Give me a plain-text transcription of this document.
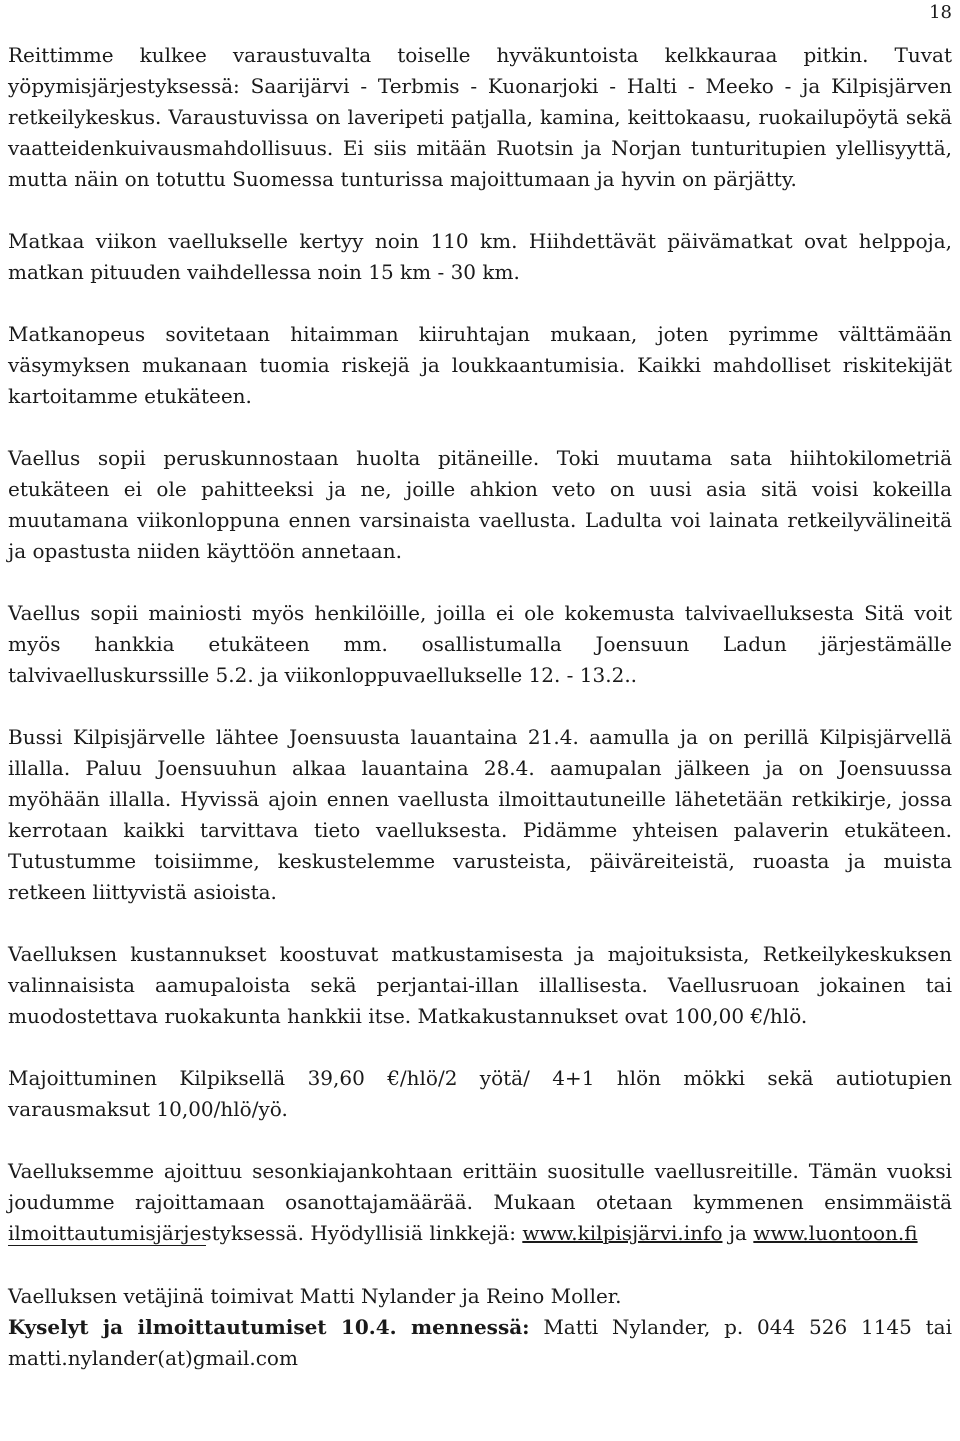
18

Reittimme kulkee varaustuvalta toiselle hyväkuntoista kelkkauraa pitkin. Tuvat yöpymisjärjestyksessä: Saarijärvi - Terbmis - Kuonarjoki - Halti - Meeko - ja Kilpisjärven retkeilykeskus. Varaustuvissa on laveripeti patjalla, kamina, keittokaasu, ruokailupöytä sekä vaatteidenkuivausmahdollisuus. Ei siis mitään Ruotsin ja Norjan tunturitupien ylellisyyttä, mutta näin on totuttu Suomessa tunturissa majoittumaan ja hyvin on pärjätty.

Matkaa viikon vaellukselle kertyy noin 110 km. Hiihdettävät päivämatkat ovat helppoja, matkan pituuden vaihdellessa noin 15 km - 30 km.

Matkanopeus sovitetaan hitaimman kiiruhtajan mukaan, joten pyrimme välttämään väsymyksen mukanaan tuomia riskejä ja loukkaantumisia. Kaikki mahdolliset riskitekijät kartoitamme etukäteen.

Vaellus sopii peruskunnostaan huolta pitäneille. Toki muutama sata hiihtokilometriä etukäteen ei ole pahitteeksi ja ne, joille ahkion veto on uusi asia sitä voisi kokeilla muutamana viikonloppuna ennen varsinaista vaellusta. Ladulta voi lainata retkeilyvälineitä ja opastusta niiden käyttöön annetaan.

Vaellus sopii mainiosti myös henkilöille, joilla ei ole kokemusta talvivaelluksesta Sitä voit myös hankkia etukäteen mm. osallistumalla Joensuun Ladun järjestämälle talvivaelluskurssille 5.2. ja viikonloppuvaellukselle 12. - 13.2..

Bussi Kilpisjärvelle lähtee Joensuusta lauantaina 21.4. aamulla ja on perillä Kilpisjärvellä illalla. Paluu Joensuuhun alkaa lauantaina 28.4. aamupalan jälkeen ja on Joensuussa myöhään illalla. Hyvissä ajoin ennen vaellusta ilmoittautuneille lähetetään retkikirje, jossa kerrotaan kaikki tarvittava tieto vaelluksesta. Pidämme yhteisen palaverin etukäteen. Tutustumme toisiimme, keskustelemme varusteista, päiväreiteistä, ruoasta ja muista retkeen liittyvistä asioista.

Vaelluksen kustannukset koostuvat matkustamisesta ja majoituksista, Retkeilykeskuksen valinnaisista aamupaloista sekä perjantai-illan illallisesta. Vaellusruoan jokainen tai muodostettava ruokakunta hankkii itse. Matkakustannukset ovat 100,00 €/hlö.

Majoittuminen Kilpiksellä 39,60 €/hlö/2 yötä/ 4+1 hlön mökki sekä autiotupien varausmaksut 10,00/hlö/yö.

Vaelluksemme ajoittuu sesonkiajankohtaan erittäin suositulle vaellusreitille. Tämän vuoksi joudumme rajoittamaan osanottajamäärää. Mukaan otetaan kymmenen ensimmäistä ilmoittautumisjärjestyksessä. Hyödyllisiä linkkejä: www.kilpisjärvi.info ja www.luontoon.fi

Vaelluksen vetäjinä toimivat Matti Nylander ja Reino Moller.

Kyselyt ja ilmoittautumiset 10.4. mennessä: Matti Nylander, p. 044 526 1145 tai matti.nylander(at)gmail.com
